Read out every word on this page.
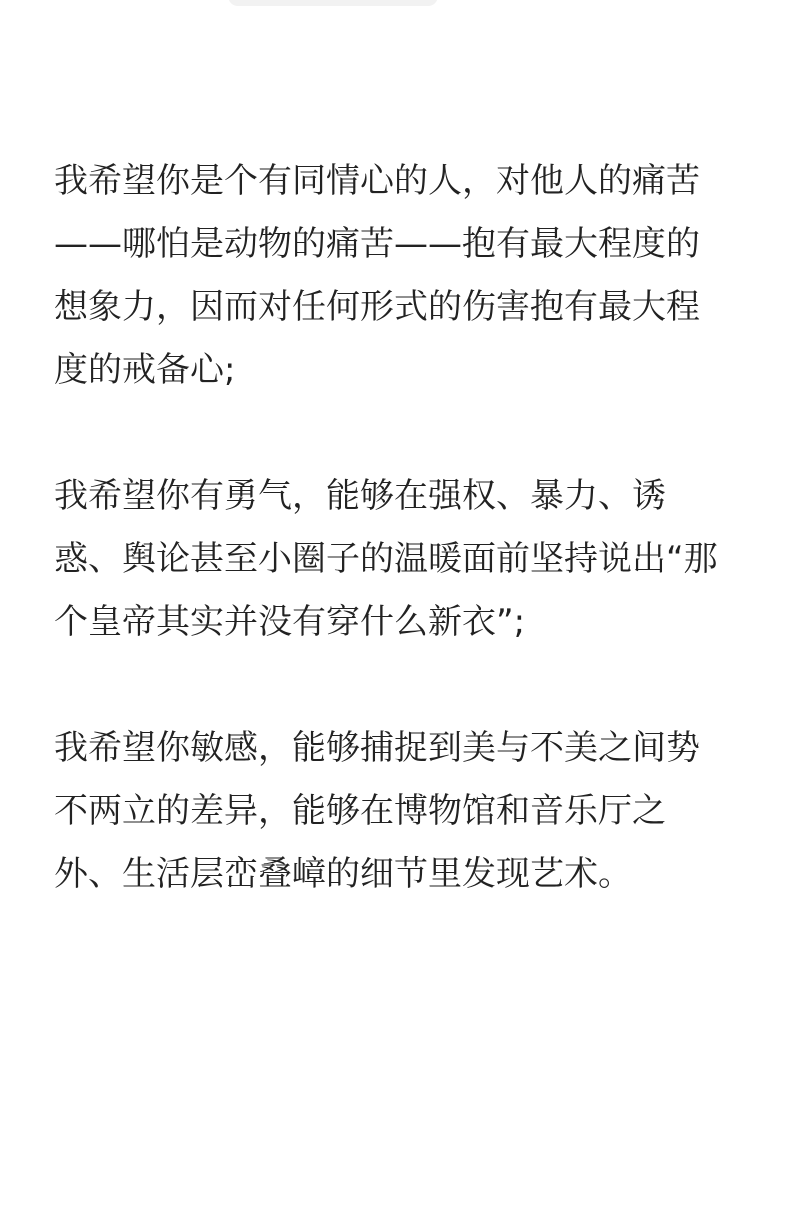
我希望你是个有同情心的人，对他人的痛苦
——哪怕是动物的痛苦——抱有最大程度的
想象力，因而对任何形式的伤害抱有最大程
度的戒备心;
我希望你有勇气，能够在强权、暴力、诱
惑、舆论甚至小圈子的温暖面前坚持说出“那
个皇帝其实并没有穿什么新衣”;
我希望你敏感，能够捕捉到美与不美之间势
不两立的差异，能够在博物馆和音乐厅之
外、生活层峦叠嶂的细节里发现艺术。
